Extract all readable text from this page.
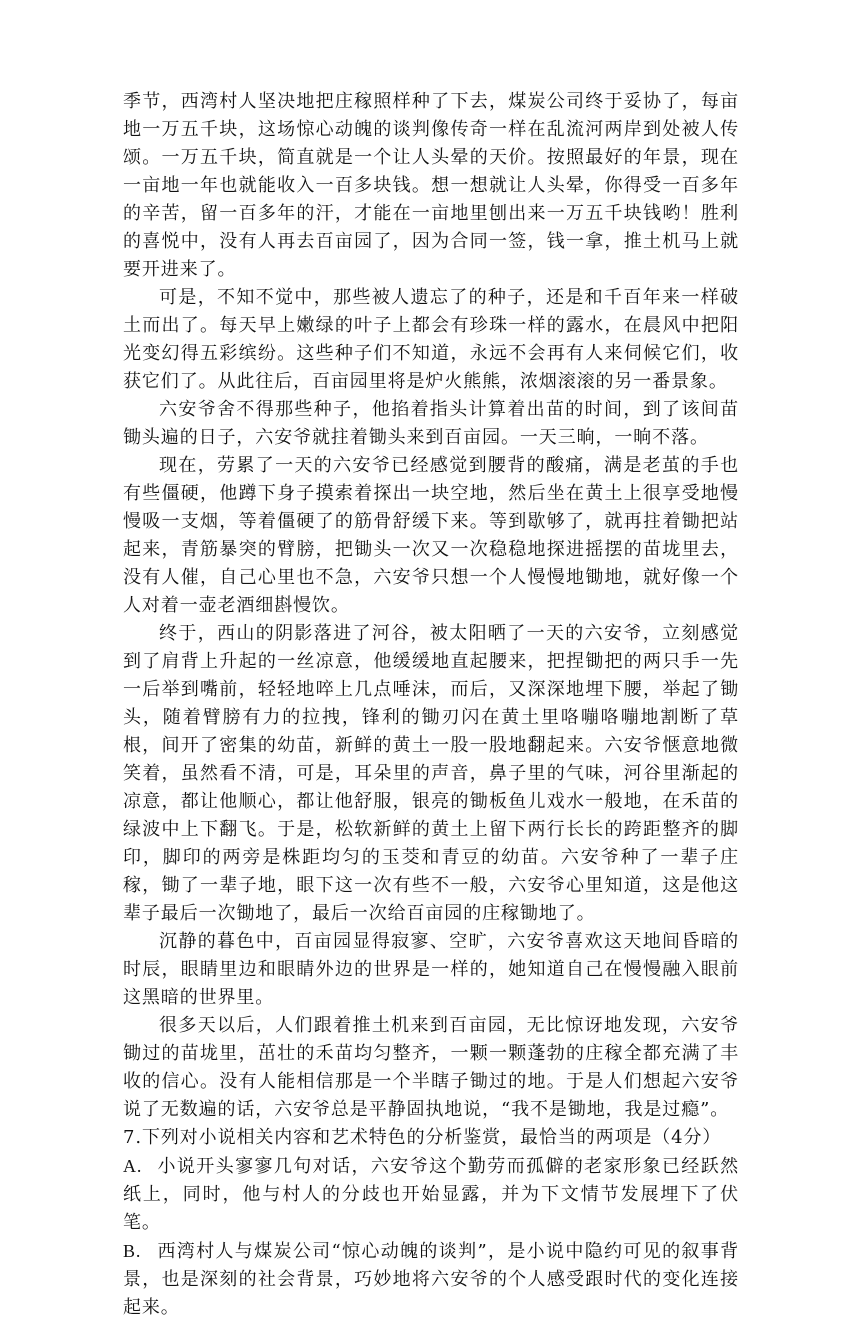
季节，西湾村人坚决地把庄稼照样种了下去，煤炭公司终于妥协了，每亩地一万五千块，这场惊心动魄的谈判像传奇一样在乱流河两岸到处被人传颂。一万五千块，简直就是一个让人头晕的天价。按照最好的年景，现在一亩地一年也就能收入一百多块钱。想一想就让人头晕，你得受一百多年的辛苦，留一百多年的汗，才能在一亩地里刨出来一万五千块钱哟！胜利的喜悦中，没有人再去百亩园了，因为合同一签，钱一拿，推土机马上就要开进来了。

可是，不知不觉中，那些被人遗忘了的种子，还是和千百年来一样破土而出了。每天早上嫩绿的叶子上都会有珍珠一样的露水，在晨风中把阳光变幻得五彩缤纷。这些种子们不知道，永远不会再有人来伺候它们，收获它们了。从此往后，百亩园里将是炉火熊熊，浓烟滚滚的另一番景象。

六安爷舍不得那些种子，他掐着指头计算着出苗的时间，到了该间苗锄头遍的日子，六安爷就拄着锄头来到百亩园。一天三晌，一晌不落。

现在，劳累了一天的六安爷已经感觉到腰背的酸痛，满是老茧的手也有些僵硬，他蹲下身子摸索着探出一块空地，然后坐在黄土上很享受地慢慢吸一支烟，等着僵硬了的筋骨舒缓下来。等到歇够了，就再拄着锄把站起来，青筋暴突的臂膀，把锄头一次又一次稳稳地探进摇摆的苗垅里去，没有人催，自己心里也不急，六安爷只想一个人慢慢地锄地，就好像一个人对着一壶老酒细斟慢饮。

终于，西山的阴影落进了河谷，被太阳晒了一天的六安爷，立刻感觉到了肩背上升起的一丝凉意，他缓缓地直起腰来，把捏锄把的两只手一先一后举到嘴前，轻轻地啐上几点唾沫，而后，又深深地埋下腰，举起了锄头，随着臂膀有力的拉拽，锋利的锄刃闪在黄土里咯嘣咯嘣地割断了草根，间开了密集的幼苗，新鲜的黄土一股一股地翻起来。六安爷惬意地微笑着，虽然看不清，可是，耳朵里的声音，鼻子里的气味，河谷里渐起的凉意，都让他顺心，都让他舒服，银亮的锄板鱼儿戏水一般地，在禾苗的绿波中上下翻飞。于是，松软新鲜的黄土上留下两行长长的跨距整齐的脚印，脚印的两旁是株距均匀的玉茭和青豆的幼苗。六安爷种了一辈子庄稼，锄了一辈子地，眼下这一次有些不一般，六安爷心里知道，这是他这辈子最后一次锄地了，最后一次给百亩园的庄稼锄地了。

沉静的暮色中，百亩园显得寂寥、空旷，六安爷喜欢这天地间昏暗的时辰，眼睛里边和眼睛外边的世界是一样的，她知道自己在慢慢融入眼前这黑暗的世界里。

很多天以后，人们跟着推土机来到百亩园，无比惊讶地发现，六安爷锄过的苗垅里，茁壮的禾苗均匀整齐，一颗一颗蓬勃的庄稼全都充满了丰收的信心。没有人能相信那是一个半瞎子锄过的地。于是人们想起六安爷说了无数遍的话，六安爷总是平静固执地说，“我不是锄地，我是过瘾”。

7.下列对小说相关内容和艺术特色的分析鉴赏，最恰当的两项是（4分）

A. 小说开头寥寥几句对话，六安爷这个勤劳而孤僻的老家形象已经跃然纸上，同时，他与村人的分歧也开始显露，并为下文情节发展埋下了伏笔。

B. 西湾村人与煤炭公司“惊心动魄的谈判”，是小说中隐约可见的叙事背景，也是深刻的社会背景，巧妙地将六安爷的个人感受跟时代的变化连接起来。
